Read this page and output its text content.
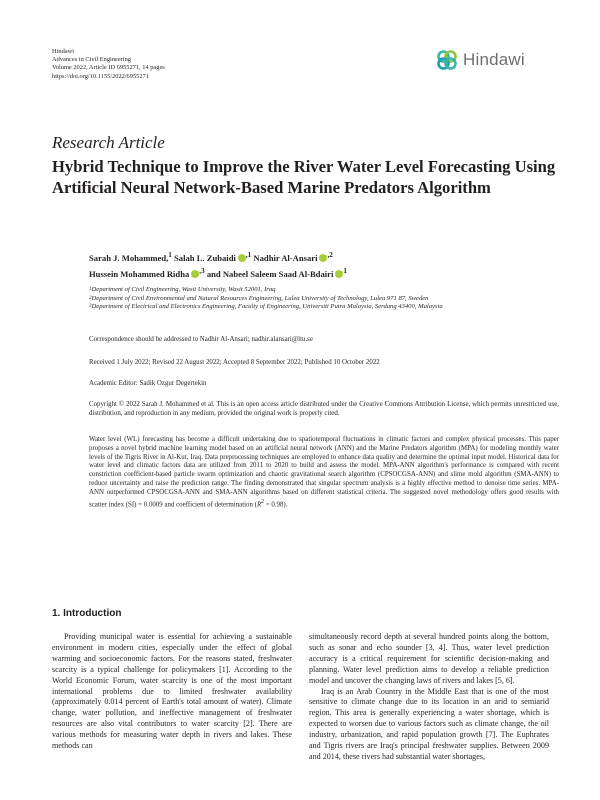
Hindawi
Advances in Civil Engineering
Volume 2022, Article ID 6955271, 14 pages
https://doi.org/10.1155/2022/6955271
Hindawi
Research Article
Hybrid Technique to Improve the River Water Level Forecasting Using Artificial Neural Network-Based Marine Predators Algorithm
Sarah J. Mohammed,$^1$ Salah L. Zubaidi $^{,1}$ Nadhir Al-Ansari $^{,2}$
Hussein Mohammed Ridha $^{,3}$ and Nabeel Saleem Saad Al-Bdairi $^1$
1 Department of Civil Engineering, Wasit University, Wasit 52001, Iraq
2 Department of Civil Environmental and Natural Resources Engineering, Lulea University of Technology, Lulea 971 87, Sweden
3 Department of Electrical and Electronics Engineering, Faculty of Engineering, Universiti Putra Malaysia, Serdang 43400, Malaysia
Correspondence should be addressed to Nadhir Al-Ansari; nadhir.alansari@ltu.se
Received 1 July 2022; Revised 22 August 2022; Accepted 8 September 2022; Published 10 October 2022
Academic Editor: Sadik Ozgur Degertekin
Copyright © 2022 Sarah J. Mohammed et al. This is an open access article distributed under the Creative Commons Attribution License, which permits unrestricted use, distribution, and reproduction in any medium, provided the original work is properly cited.
Water level (WL) forecasting has become a difficult undertaking due to spatiotemporal fluctuations in climatic factors and complex physical processes. This paper proposes a novel hybrid machine learning model based on an artificial neural network (ANN) and the Marine Predators algorithm (MPA) for modeling monthly water levels of the Tigris River in Al-Kut, Iraq. Data preprocessing techniques are employed to enhance data quality and determine the optimal input model. Historical data for water level and climatic factors data are utilized from 2011 to 2020 to build and assess the model. MPA-ANN algorithm's performance is compared with recent constriction coefficient-based particle swarm optimization and chaotic gravitational search algorithm (CPSOCGSA-ANN) and slime mold algorithm (SMA-ANN) to reduce uncertainty and raise the prediction range. The finding demonstrated that singular spectrum analysis is a highly effective method to denoise time series. MPA-ANN outperformed CPSOCGSA-ANN and SMA-ANN algorithms based on different statistical criteria. The suggested novel methodology offers good results with scatter index (SI) = 0.0009 and coefficient of determination $(R^2 = 0.98)$.
1. Introduction

Providing municipal water is essential for achieving a sustainable environment in modern cities, especially under the effect of global warming and socioeconomic factors. For the reasons stated, freshwater scarcity is a typical challenge for policymakers [1]. According to the World Economic Forum, water scarcity is one of the most important international problems due to limited freshwater availability (approximately 0.014 percent of Earth's total amount of water). Climate change, water pollution, and ineffective management of freshwater resources are also vital contributors to water scarcity [2]. There are various methods for measuring water depth in rivers and lakes. These methods can

simultaneously record depth at several hundred points along the bottom, such as sonar and echo sounder [3, 4]. Thus, water level prediction accuracy is a critical requirement for scientific decision-making and planning. Water level prediction aims to develop a reliable prediction model and uncover the changing laws of rivers and lakes [5, 6].

Iraq is an Arab Country in the Middle East that is one of the most sensitive to climate change due to its location in an arid to semiarid region. This area is generally experiencing a water shortage, which is expected to worsen due to various factors such as climate change, the oil industry, urbanization, and rapid population growth [7]. The Euphrates and Tigris rivers are Iraq's principal freshwater supplies. Between 2009 and 2014, these rivers had substantial water shortages,
